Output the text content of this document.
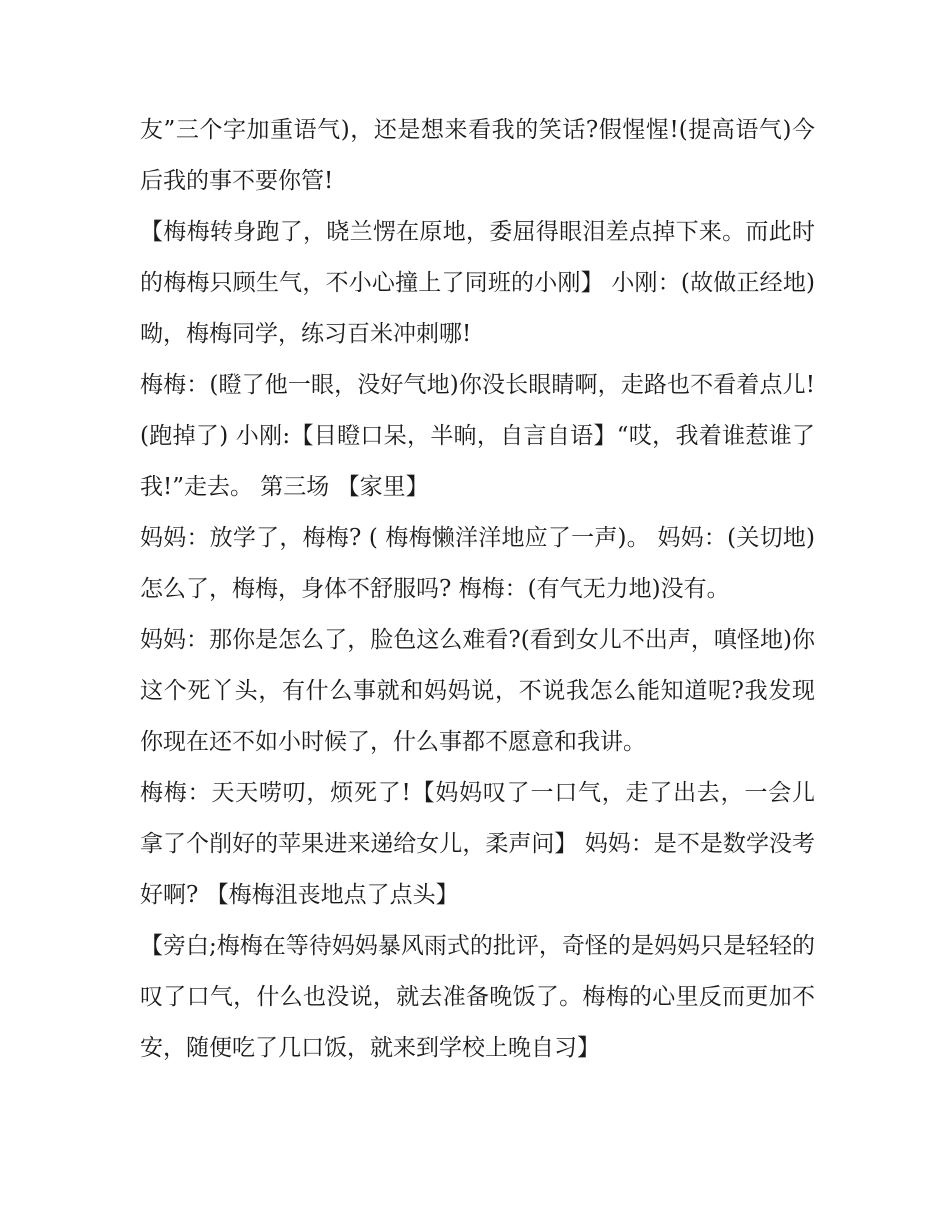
友”三个字加重语气)，还是想来看我的笑话?假惺惺!(提高语气)今后我的事不要你管!

【梅梅转身跑了，晓兰愣在原地，委屈得眼泪差点掉下来。而此时的梅梅只顾生气，不小心撞上了同班的小刚】 小刚：(故做正经地)呦，梅梅同学，练习百米冲刺哪!

梅梅：(瞪了他一眼，没好气地)你没长眼睛啊，走路也不看着点儿!(跑掉了) 小刚:【目瞪口呆，半晌，自言自语】“哎，我着谁惹谁了我!”走去。 第三场 【家里】

妈妈：放学了，梅梅? ( 梅梅懒洋洋地应了一声)。 妈妈：(关切地)怎么了，梅梅，身体不舒服吗? 梅梅：(有气无力地)没有。

妈妈：那你是怎么了，脸色这么难看?(看到女儿不出声，嗔怪地)你这个死丫头，有什么事就和妈妈说，不说我怎么能知道呢?我发现你现在还不如小时候了，什么事都不愿意和我讲。

梅梅：天天唠叨，烦死了!【妈妈叹了一口气，走了出去，一会儿拿了个削好的苹果进来递给女儿，柔声问】 妈妈：是不是数学没考好啊? 【梅梅沮丧地点了点头】

【旁白;梅梅在等待妈妈暴风雨式的批评，奇怪的是妈妈只是轻轻的叹了口气，什么也没说，就去准备晚饭了。梅梅的心里反而更加不安，随便吃了几口饭，就来到学校上晚自习】
